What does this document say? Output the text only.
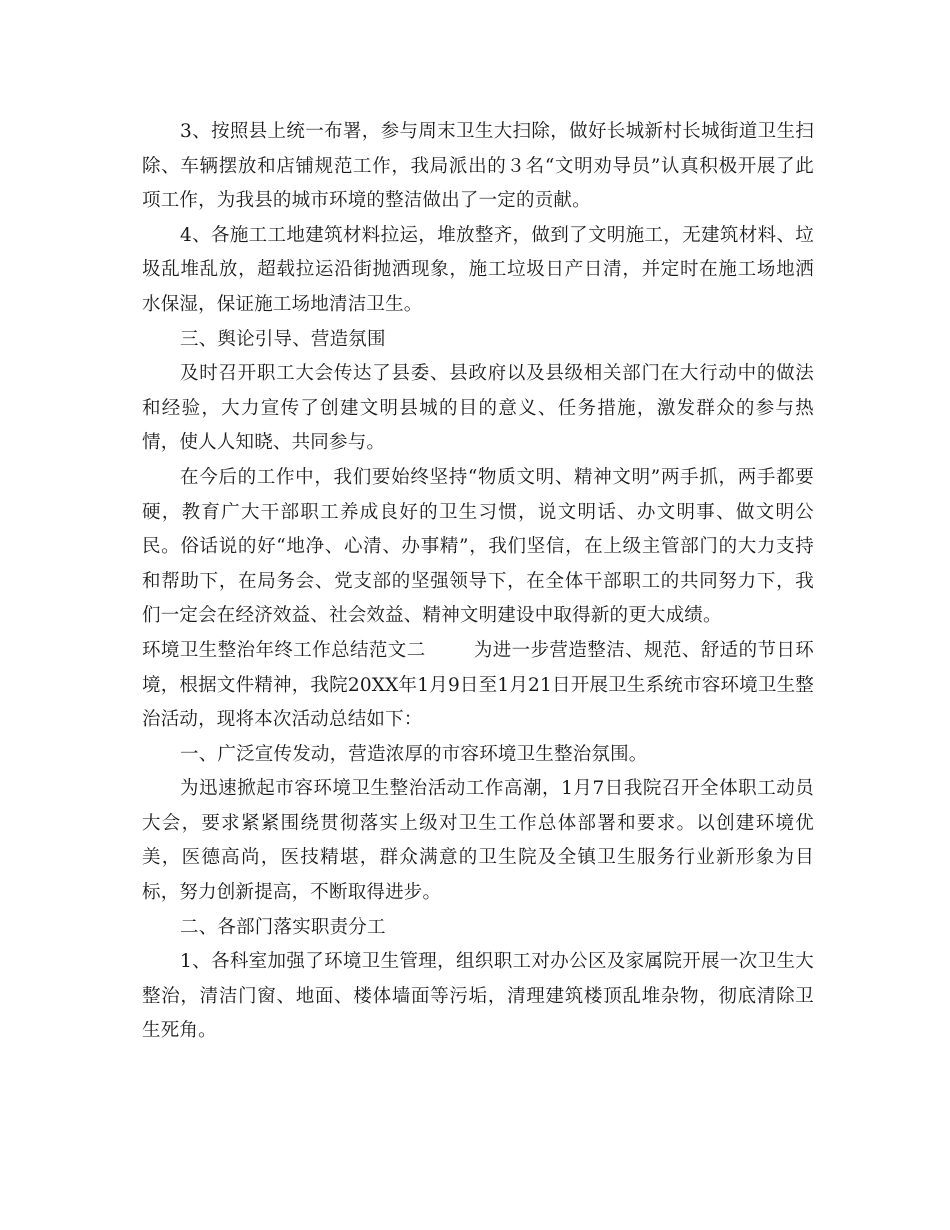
3、按照县上统一布署，参与周末卫生大扫除，做好长城新村长城街道卫生扫除、车辆摆放和店铺规范工作，我局派出的３名“文明劝导员”认真积极开展了此项工作，为我县的城市环境的整洁做出了一定的贡献。

4、各施工工地建筑材料拉运，堆放整齐，做到了文明施工，无建筑材料、垃圾乱堆乱放，超载拉运沿街抛洒现象，施工垃圾日产日清，并定时在施工场地洒水保湿，保证施工场地清洁卫生。

三、舆论引导、营造氛围

及时召开职工大会传达了县委、县政府以及县级相关部门在大行动中的做法和经验，大力宣传了创建文明县城的目的意义、任务措施，激发群众的参与热情，使人人知晓、共同参与。

在今后的工作中，我们要始终坚持“物质文明、精神文明”两手抓，两手都要硬，教育广大干部职工养成良好的卫生习惯，说文明话、办文明事、做文明公民。俗话说的好“地净、心清、办事精”，我们坚信，在上级主管部门的大力支持和帮助下，在局务会、党支部的坚强领导下，在全体干部职工的共同努力下，我们一定会在经济效益、社会效益、精神文明建设中取得新的更大成绩。

环境卫生整治年终工作总结范文二	为进一步营造整洁、规范、舒适的节日环境，根据文件精神，我院20XX年1月9日至1月21日开展卫生系统市容环境卫生整治活动，现将本次活动总结如下：

一、广泛宣传发动，营造浓厚的市容环境卫生整治氛围。

为迅速掀起市容环境卫生整治活动工作高潮，1月7日我院召开全体职工动员大会，要求紧紧围绕贯彻落实上级对卫生工作总体部署和要求。以创建环境优美，医德高尚，医技精堪，群众满意的卫生院及全镇卫生服务行业新形象为目标，努力创新提高，不断取得进步。

二、各部门落实职责分工

1、各科室加强了环境卫生管理，组织职工对办公区及家属院开展一次卫生大整治，清洁门窗、地面、楼体墙面等污垢，清理建筑楼顶乱堆杂物，彻底清除卫生死角。
